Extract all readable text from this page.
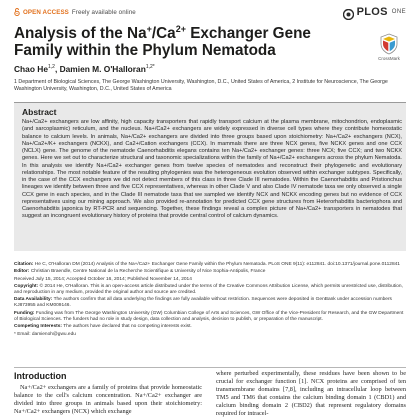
OPEN ACCESS Freely available online	PLOS ONE
Analysis of the $Na^+/Ca^{2+}$ Exchanger Gene Family within the Phylum Nematoda	CrossMark
Chao He$^{1,2}$, Damien M. O'Halloran$^{1,2*}$

1 Department of Biological Sciences, The George Washington University, Washington, D.C., United States of America, 2 Institute for Neuroscience, The George Washington University, Washington, D.C., United States of America

Abstract

Na+/Ca2+ exchangers are low affinity, high capacity transporters that rapidly transport calcium at the plasma membrane, mitochondrion, endoplasmic (and sarcoplasmic) reticulum, and the nucleus. Na+/Ca2+ exchangers are widely expressed in diverse cell types where they contribute homeostatic balance to calcium levels. In animals, Na+/Ca2+ exchangers are divided into three groups based upon stoichiometry: Na+/Ca2+ exchangers (NCX), Na+/Ca2+/K+ exchangers (NCKX), and Ca2+/Cation exchangers (CCX). In mammals there are three NCX genes, five NCKX genes and one CCX (NCLX) gene. The genome of the nematode Caenorhabditis elegans contains ten Na+/Ca2+ exchanger genes: three NCX; five CCX; and two NCKX genes. Here we set out to characterize structural and taxonomic specializations within the family of Na+/Ca2+ exchangers across the phylum Nematoda. In this analysis we identify Na+/Ca2+ exchanger genes from twelve species of nematodes and reconstruct their phylogenetic and evolutionary relationships. The most notable feature of the resulting phylogenies was the heterogeneous evolution observed within exchanger subtypes. Specifically, in the case of the CCX exchangers we did not detect members of this class in three Clade III nematodes. Within the Caenorhabditis and Pristionchus lineages we identify between three and five CCX representatives, whereas in other Clade V and also Clade IV nematode taxa we only observed a single CCX gene in each species, and in the Clade III nematode taxa that we sampled we identify NCX and NCKX encoding genes but no evidence of CCX representatives using our mining approach. We also provided re-annotation for predicted CCX gene structures from Heterorhabditis bacteriophora and Caenorhabditis japonica by RT-PCR and sequencing. Together, these findings reveal a complex picture of Na+/Ca2+ transporters in nematodes that suggest an incongruent evolutionary history of proteins that provide central control of calcium dynamics.

Citation: He C, O'Halloran DM (2014) Analysis of the Na+/Ca2+ Exchanger Gene Family within the Phylum Nematoda. PLoS ONE 9(11): e112841. doi:10.1371/journal.pone.0112841

Editor: Christian Braendle, Centre National de la Recherche Scientifique & University of Nice Sophia-Antipolis, France

Received July 15, 2014; Accepted October 16, 2014; Published November 14, 2014

Copyright: © 2014 He, O'Halloran. This is an open-access article distributed under the terms of the Creative Commons Attribution License, which permits unrestricted use, distribution, and reproduction in any medium, provided the original author and source are credited.

Data Availability: The authors confirm that all data underlying the findings are fully available without restriction. Sequences were deposited in GenBank under accession numbers KJ873955 and KM009146.

Funding: Funding was from The George Washington University (GW) Columbian College of Arts and Sciences, GW Office of the Vice-President for Research, and the GW Department of Biological Sciences. The funders had no role in study design, data collection and analysis, decision to publish, or preparation of the manuscript.

Competing Interests: The authors have declared that no competing interests exist.

* Email: damienoh@gwu.edu

Introduction

Na+/Ca2+ exchangers are a family of proteins that provide homeostatic balance to the cell's calcium concentration. Na+/Ca2+ exchanger are divided into three groups in animals based upon their stoichiometry: Na+/Ca2+ exchangers (NCX) which exchange

where perturbed experimentally, these residues have been shown to be crucial for exchanger function [1]. NCX proteins are comprised of ten transmembrane domains [7,8], including an intracellular loop between TM5 and TM6 that contains the calcium binding domain 1 (CBD1) and calcium binding domain 2 (CBD2) that represent regulatory domains required for intracel-
